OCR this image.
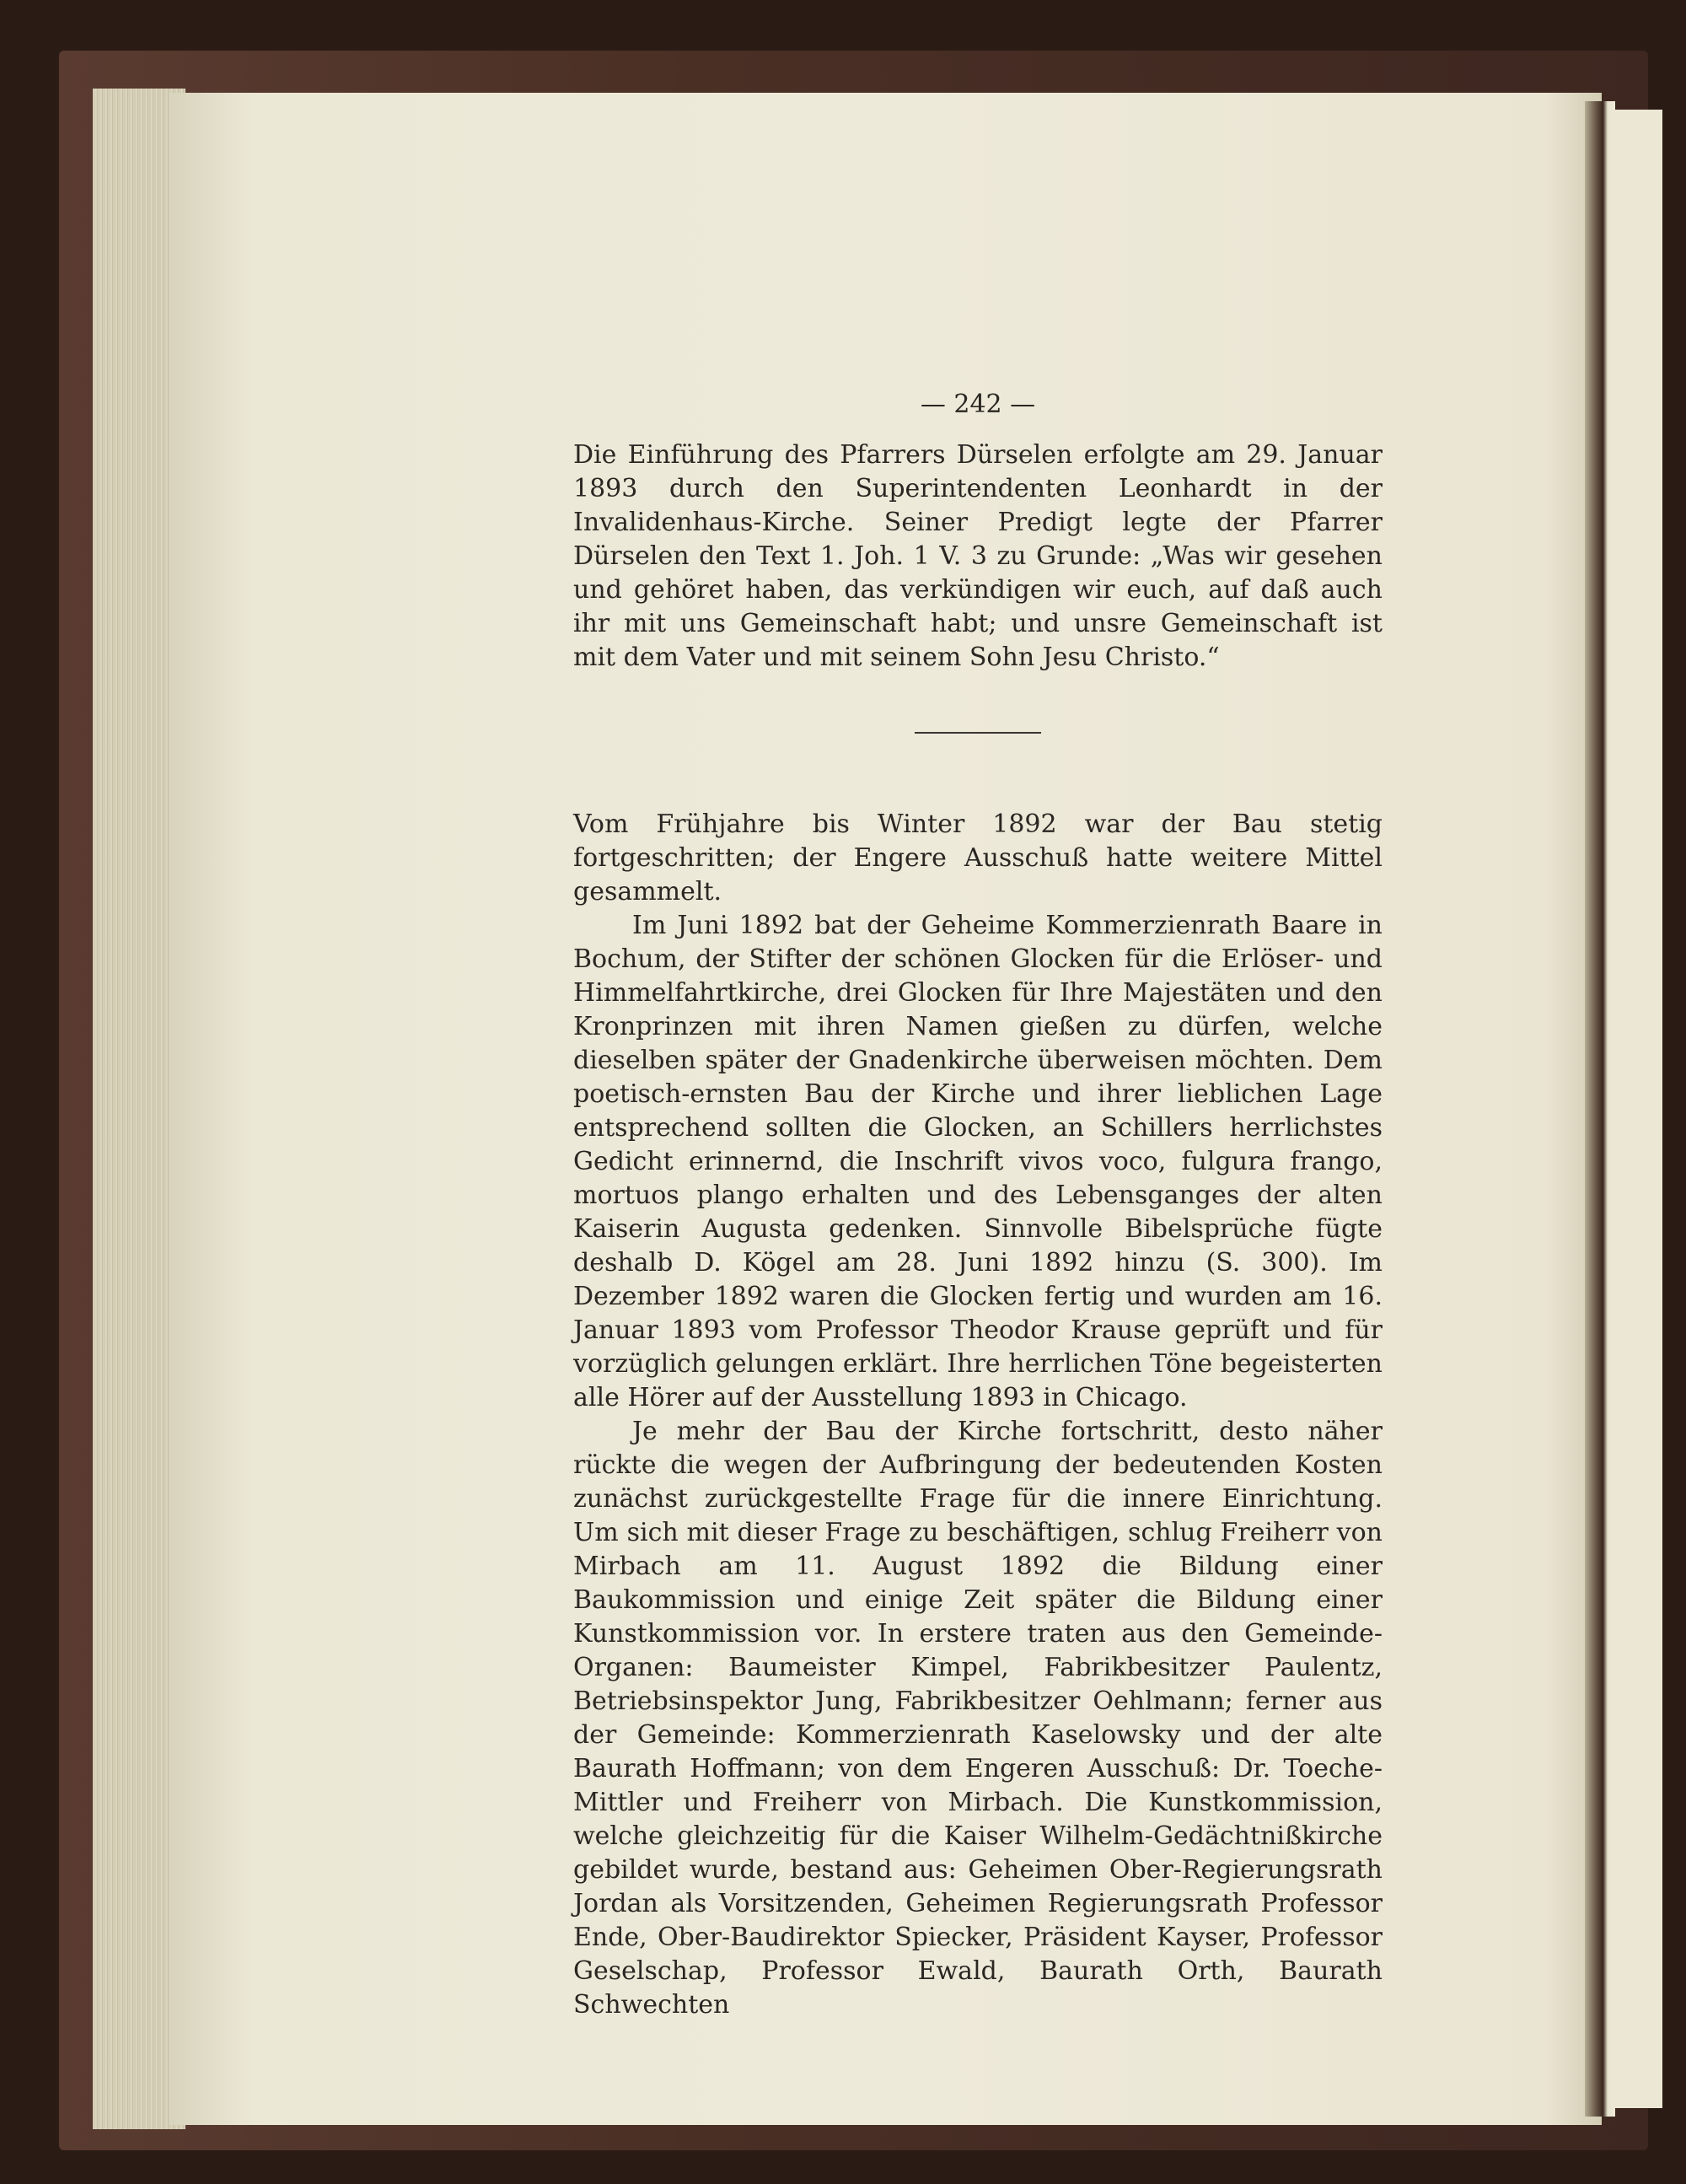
— 242 —

Die Einführung des Pfarrers Dürselen erfolgte am 29. Januar 1893 durch den Superintendenten Leonhardt in der Invalidenhaus-Kirche. Seiner Predigt legte der Pfarrer Dürselen den Text 1. Joh. 1 V. 3 zu Grunde: „Was wir gesehen und gehöret haben, das verkündigen wir euch, auf daß auch ihr mit uns Gemeinschaft habt; und unsre Gemeinschaft ist mit dem Vater und mit seinem Sohn Jesu Christo.“

Vom Frühjahre bis Winter 1892 war der Bau stetig fortgeschritten; der Engere Ausschuß hatte weitere Mittel gesammelt.

Im Juni 1892 bat der Geheime Kommerzienrath Baare in Bochum, der Stifter der schönen Glocken für die Erlöser- und Himmelfahrtkirche, drei Glocken für Ihre Majestäten und den Kronprinzen mit ihren Namen gießen zu dürfen, welche dieselben später der Gnadenkirche überweisen möchten. Dem poetisch-ernsten Bau der Kirche und ihrer lieblichen Lage entsprechend sollten die Glocken, an Schillers herrlichstes Gedicht erinnernd, die Inschrift vivos voco, fulgura frango, mortuos plango erhalten und des Lebensganges der alten Kaiserin Augusta gedenken. Sinnvolle Bibelsprüche fügte deshalb D. Kögel am 28. Juni 1892 hinzu (S. 300). Im Dezember 1892 waren die Glocken fertig und wurden am 16. Januar 1893 vom Professor Theodor Krause geprüft und für vorzüglich gelungen erklärt. Ihre herrlichen Töne begeisterten alle Hörer auf der Ausstellung 1893 in Chicago.

Je mehr der Bau der Kirche fortschritt, desto näher rückte die wegen der Aufbringung der bedeutenden Kosten zunächst zurückgestellte Frage für die innere Einrichtung. Um sich mit dieser Frage zu beschäftigen, schlug Freiherr von Mirbach am 11. August 1892 die Bildung einer Baukommission und einige Zeit später die Bildung einer Kunstkommission vor. In erstere traten aus den Gemeinde-Organen: Baumeister Kimpel, Fabrikbesitzer Paulentz, Betriebsinspektor Jung, Fabrikbesitzer Oehlmann; ferner aus der Gemeinde: Kommerzienrath Kaselowsky und der alte Baurath Hoffmann; von dem Engeren Ausschuß: Dr. Toeche-Mittler und Freiherr von Mirbach. Die Kunstkommission, welche gleichzeitig für die Kaiser Wilhelm-Gedächtnißkirche gebildet wurde, bestand aus: Geheimen Ober-Regierungsrath Jordan als Vorsitzenden, Geheimen Regierungsrath Professor Ende, Ober-Baudirektor Spiecker, Präsident Kayser, Professor Geselschap, Professor Ewald, Baurath Orth, Baurath Schwechten
